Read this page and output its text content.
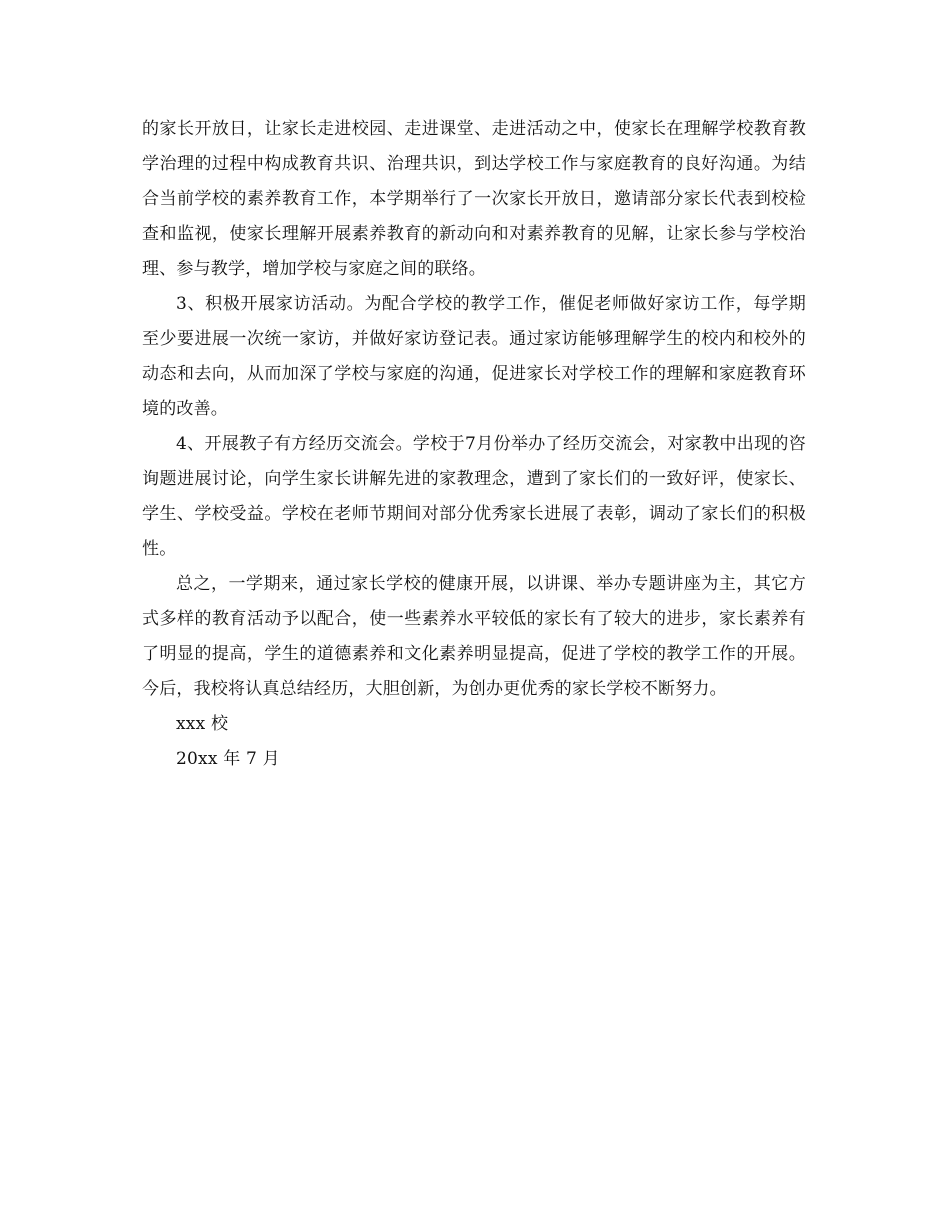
的家长开放日，让家长走进校园、走进课堂、走进活动之中，使家长在理解学校教育教学治理的过程中构成教育共识、治理共识，到达学校工作与家庭教育的良好沟通。为结合当前学校的素养教育工作，本学期举行了一次家长开放日，邀请部分家长代表到校检查和监视，使家长理解开展素养教育的新动向和对素养教育的见解，让家长参与学校治理、参与教学，增加学校与家庭之间的联络。

3、积极开展家访活动。为配合学校的教学工作，催促老师做好家访工作，每学期至少要进展一次统一家访，并做好家访登记表。通过家访能够理解学生的校内和校外的动态和去向，从而加深了学校与家庭的沟通，促进家长对学校工作的理解和家庭教育环境的改善。

4、开展教子有方经历交流会。学校于7月份举办了经历交流会，对家教中出现的咨询题进展讨论，向学生家长讲解先进的家教理念，遭到了家长们的一致好评，使家长、学生、学校受益。学校在老师节期间对部分优秀家长进展了表彰，调动了家长们的积极性。

总之，一学期来，通过家长学校的健康开展，以讲课、举办专题讲座为主，其它方式多样的教育活动予以配合，使一些素养水平较低的家长有了较大的进步，家长素养有了明显的提高，学生的道德素养和文化素养明显提高，促进了学校的教学工作的开展。今后，我校将认真总结经历，大胆创新，为创办更优秀的家长学校不断努力。

xxx 校

20xx 年 7 月
